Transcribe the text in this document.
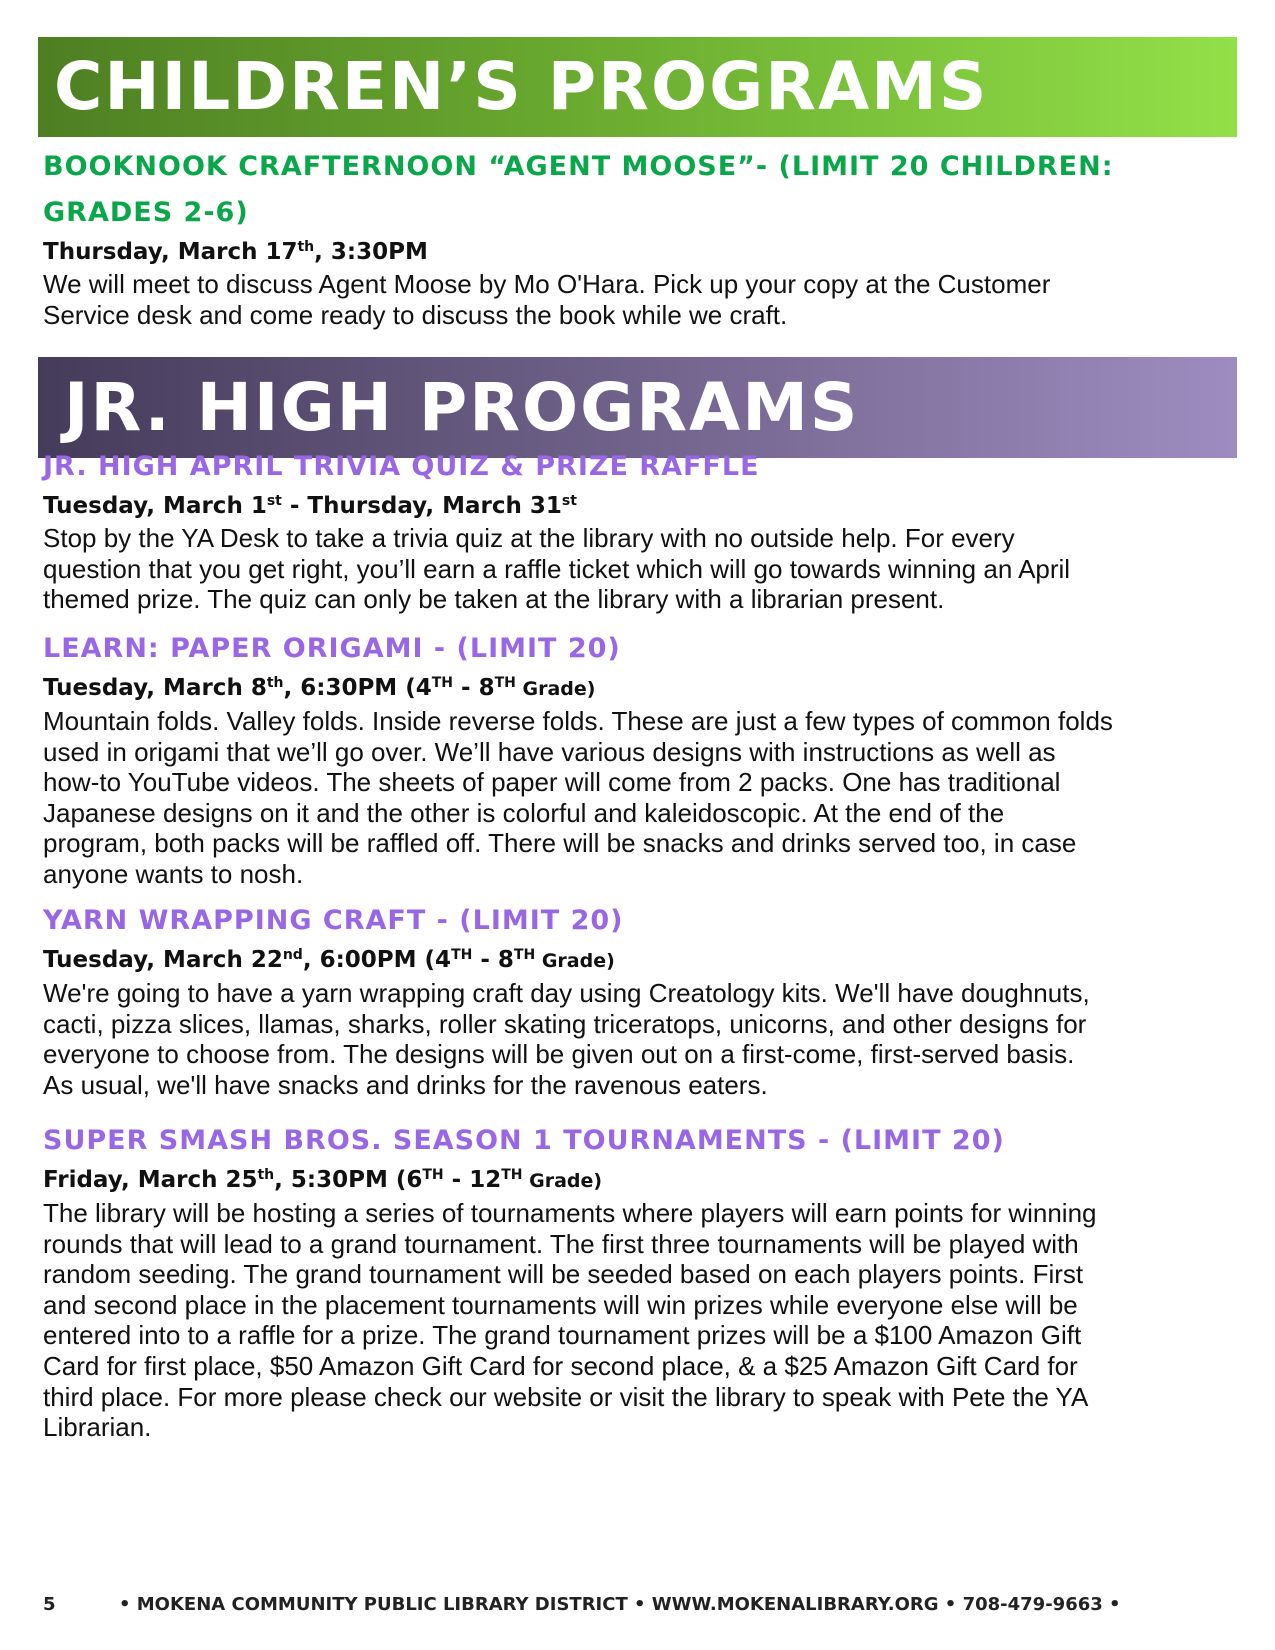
CHILDREN’S PROGRAMS
BOOKNOOK CRAFTERNOON “AGENT MOOSE”- (LIMIT 20 CHILDREN:
GRADES 2-6)
Thursday, March 17th, 3:30PM

We will meet to discuss Agent Moose by Mo O'Hara. Pick up your copy at the Customer

Service desk and come ready to discuss the book while we craft.

JR. HIGH PROGRAMS
JR. HIGH APRIL TRIVIA QUIZ & PRIZE RAFFLE
Tuesday, March 1st - Thursday, March 31st

Stop by the YA Desk to take a trivia quiz at the library with no outside help. For every

question that you get right, you’ll earn a raffle ticket which will go towards winning an April

themed prize. The quiz can only be taken at the library with a librarian present.

LEARN: PAPER ORIGAMI - (LIMIT 20)
Tuesday, March 8th, 6:30PM (4TH - 8TH Grade)

Mountain folds. Valley folds. Inside reverse folds. These are just a few types of common folds

used in origami that we’ll go over. We’ll have various designs with instructions as well as

how-to YouTube videos. The sheets of paper will come from 2 packs. One has traditional

Japanese designs on it and the other is colorful and kaleidoscopic. At the end of the

program, both packs will be raffled off. There will be snacks and drinks served too, in case

anyone wants to nosh.

YARN WRAPPING CRAFT - (LIMIT 20)
Tuesday, March 22nd, 6:00PM (4TH - 8TH Grade)

We're going to have a yarn wrapping craft day using Creatology kits. We'll have doughnuts,

cacti, pizza slices, llamas, sharks, roller skating triceratops, unicorns, and other designs for

everyone to choose from. The designs will be given out on a first-come, first-served basis.

As usual, we'll have snacks and drinks for the ravenous eaters.

SUPER SMASH BROS. SEASON 1 TOURNAMENTS - (LIMIT 20)
Friday, March 25th, 5:30PM (6TH - 12TH Grade)

The library will be hosting a series of tournaments where players will earn points for winning

rounds that will lead to a grand tournament. The first three tournaments will be played with

random seeding. The grand tournament will be seeded based on each players points. First

and second place in the placement tournaments will win prizes while everyone else will be

entered into to a raffle for a prize. The grand tournament prizes will be a $100 Amazon Gift

Card for first place, $50 Amazon Gift Card for second place, & a $25 Amazon Gift Card for

third place. For more please check our website or visit the library to speak with Pete the YA

Librarian.

5	• MOKENA COMMUNITY PUBLIC LIBRARY DISTRICT • WWW.MOKENALIBRARY.ORG • 708-479-9663 •
